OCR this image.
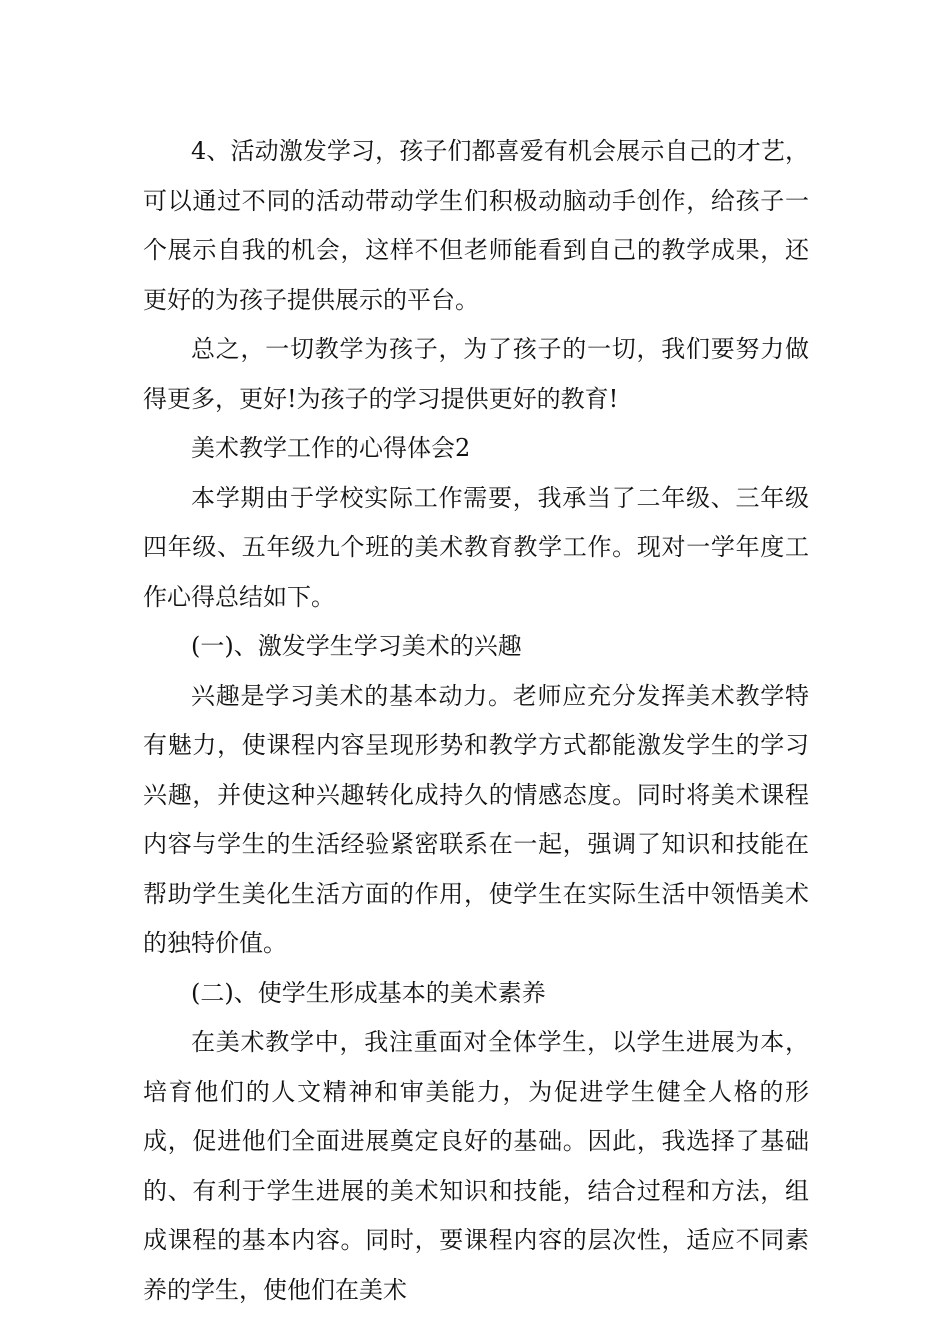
4、活动激发学习，孩子们都喜爱有机会展示自己的才艺，可以通过不同的活动带动学生们积极动脑动手创作，给孩子一个展示自我的机会，这样不但老师能看到自己的教学成果，还更好的为孩子提供展示的平台。

总之，一切教学为孩子，为了孩子的一切，我们要努力做得更多，更好!为孩子的学习提供更好的教育!

美术教学工作的心得体会2

本学期由于学校实际工作需要，我承当了二年级、三年级四年级、五年级九个班的美术教育教学工作。现对一学年度工作心得总结如下。

(一)、激发学生学习美术的兴趣

兴趣是学习美术的基本动力。老师应充分发挥美术教学特有魅力，使课程内容呈现形势和教学方式都能激发学生的学习兴趣，并使这种兴趣转化成持久的情感态度。同时将美术课程内容与学生的生活经验紧密联系在一起，强调了知识和技能在帮助学生美化生活方面的作用，使学生在实际生活中领悟美术的独特价值。

(二)、使学生形成基本的美术素养

在美术教学中，我注重面对全体学生，以学生进展为本，培育他们的人文精神和审美能力，为促进学生健全人格的形成，促进他们全面进展奠定良好的基础。因此，我选择了基础的、有利于学生进展的美术知识和技能，结合过程和方法，组成课程的基本内容。同时，要课程内容的层次性，适应不同素养的学生，使他们在美术
